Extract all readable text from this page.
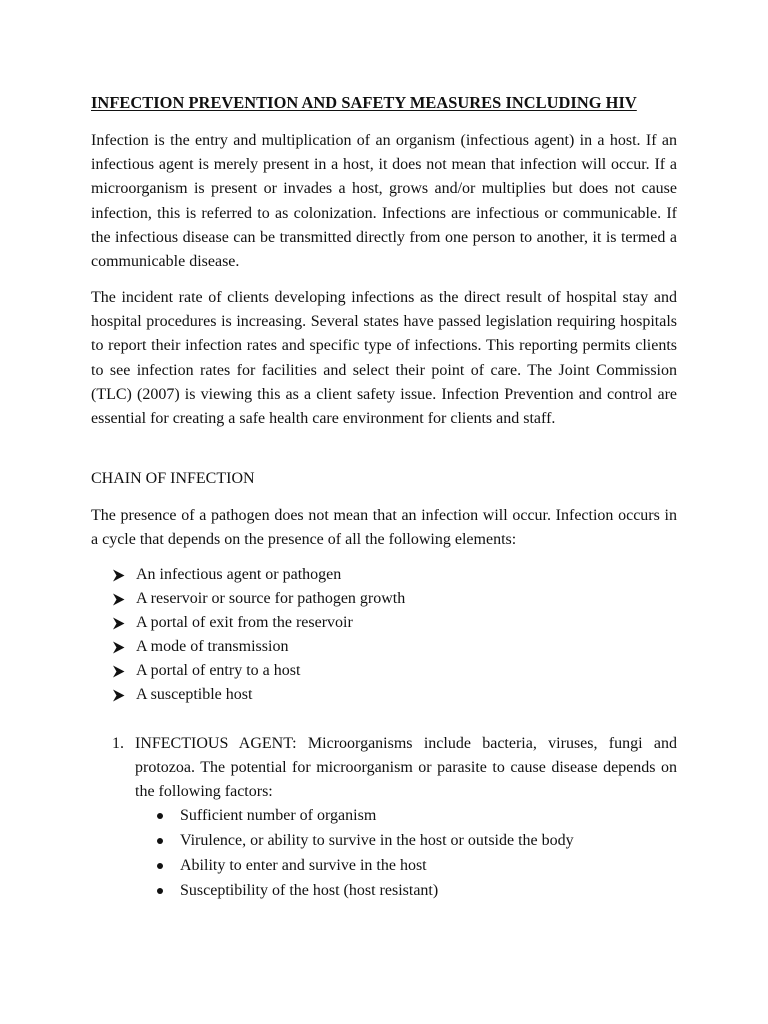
INFECTION PREVENTION AND SAFETY MEASURES INCLUDING HIV

Infection is the entry and multiplication of an organism (infectious agent) in a host. If an infectious agent is merely present in a host, it does not mean that infection will occur. If a microorganism is present or invades a host, grows and/or multiplies but does not cause infection, this is referred to as colonization. Infections are infectious or communicable. If the infectious disease can be transmitted directly from one person to another, it is termed a communicable disease.

The incident rate of clients developing infections as the direct result of hospital stay and hospital procedures is increasing. Several states have passed legislation requiring hospitals to report their infection rates and specific type of infections. This reporting permits clients to see infection rates for facilities and select their point of care. The Joint Commission (TLC) (2007) is viewing this as a client safety issue. Infection Prevention and control are essential for creating a safe health care environment for clients and staff.

CHAIN OF INFECTION

The presence of a pathogen does not mean that an infection will occur. Infection occurs in a cycle that depends on the presence of all the following elements:

An infectious agent or pathogen
A reservoir or source for pathogen growth
A portal of exit from the reservoir
A mode of transmission
A portal of entry to a host
A susceptible host
1. INFECTIOUS AGENT: Microorganisms include bacteria, viruses, fungi and protozoa. The potential for microorganism or parasite to cause disease depends on the following factors:

Sufficient number of organism
Virulence, or ability to survive in the host or outside the body
Ability to enter and survive in the host
Susceptibility of the host (host resistant)
